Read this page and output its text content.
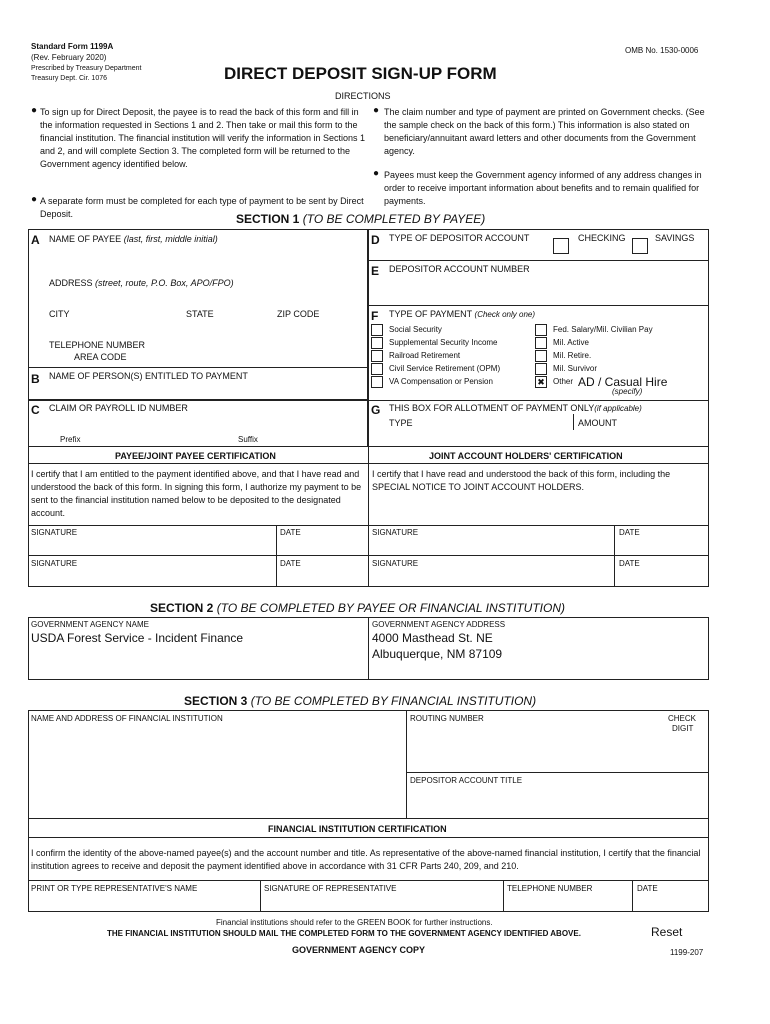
Standard Form 1199A
(Rev. February 2020)
Prescribed by Treasury Department
Treasury Dept. Cir. 1076
OMB No. 1530-0006
DIRECT DEPOSIT SIGN-UP FORM
DIRECTIONS
● To sign up for Direct Deposit, the payee is to read the back of this form and fill in the information requested in Sections 1 and 2. Then take or mail this form to the financial institution. The financial institution will verify the information in Sections 1 and 2, and will complete Section 3. The completed form will be returned to the Government agency identified below.
● A separate form must be completed for each type of payment to be sent by Direct Deposit.
● The claim number and type of payment are printed on Government checks. (See the sample check on the back of this form.) This information is also stated on beneficiary/annuitant award letters and other documents from the Government agency.
● Payees must keep the Government agency informed of any address changes in order to receive important information about benefits and to remain qualified for payments.
SECTION 1 (TO BE COMPLETED BY PAYEE)
A NAME OF PAYEE (last, first, middle initial)
ADDRESS (street, route, P.O. Box, APO/FPO)
CITY	STATE	ZIP CODE
TELEPHONE NUMBER
AREA CODE
B NAME OF PERSON(S) ENTITLED TO PAYMENT
C CLAIM OR PAYROLL ID NUMBER
Prefix	Suffix
D TYPE OF DEPOSITOR ACCOUNT	CHECKING	SAVINGS
E DEPOSITOR ACCOUNT NUMBER
F TYPE OF PAYMENT (Check only one)
Social Security
Supplemental Security Income
Railroad Retirement
Civil Service Retirement (OPM)
VA Compensation or Pension
Fed. Salary/Mil. Civilian Pay
Mil. Active
Mil. Retire.
Mil. Survivor
✖ Other AD / Casual Hire
(specify)
G THIS BOX FOR ALLOTMENT OF PAYMENT ONLY(if applicable)
TYPE	AMOUNT
PAYEE/JOINT PAYEE CERTIFICATION	JOINT ACCOUNT HOLDERS' CERTIFICATION
I certify that I am entitled to the payment identified above, and that I have read and understood the back of this form. In signing this form, I authorize my payment to be sent to the financial institution named below to be deposited to the designated account.
I certify that I have read and understood the back of this form, including the SPECIAL NOTICE TO JOINT ACCOUNT HOLDERS.
SIGNATURE	DATE	SIGNATURE	DATE
SIGNATURE	DATE	SIGNATURE	DATE
SECTION 2 (TO BE COMPLETED BY PAYEE OR FINANCIAL INSTITUTION)
GOVERNMENT AGENCY NAME
USDA Forest Service - Incident Finance
GOVERNMENT AGENCY ADDRESS
4000 Masthead St. NE
Albuquerque, NM 87109
SECTION 3 (TO BE COMPLETED BY FINANCIAL INSTITUTION)
NAME AND ADDRESS OF FINANCIAL INSTITUTION	ROUTING NUMBER	CHECK
DIGIT
DEPOSITOR ACCOUNT TITLE
FINANCIAL INSTITUTION CERTIFICATION
I confirm the identity of the above-named payee(s) and the account number and title. As representative of the above-named financial institution, I certify that the financial institution agrees to receive and deposit the payment identified above in accordance with 31 CFR Parts 240, 209, and 210.
PRINT OR TYPE REPRESENTATIVE'S NAME	SIGNATURE OF REPRESENTATIVE	TELEPHONE NUMBER	DATE
Financial institutions should refer to the GREEN BOOK for further instructions.
THE FINANCIAL INSTITUTION SHOULD MAIL THE COMPLETED FORM TO THE GOVERNMENT AGENCY IDENTIFIED ABOVE.	Reset
GOVERNMENT AGENCY COPY	1199-207
